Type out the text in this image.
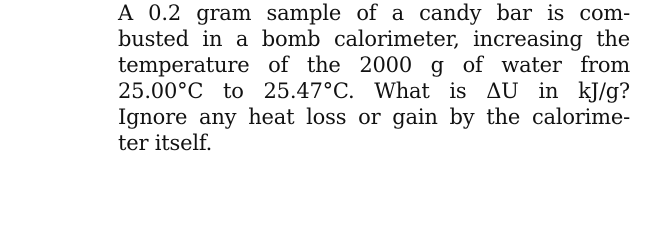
A 0.2 gram sample of a candy bar is com-
busted in a bomb calorimeter, increasing the
temperature of the 2000 g of water from
25.00°C to 25.47°C. What is ΔU in kJ/g?
Ignore any heat loss or gain by the calorime-
ter itself.
